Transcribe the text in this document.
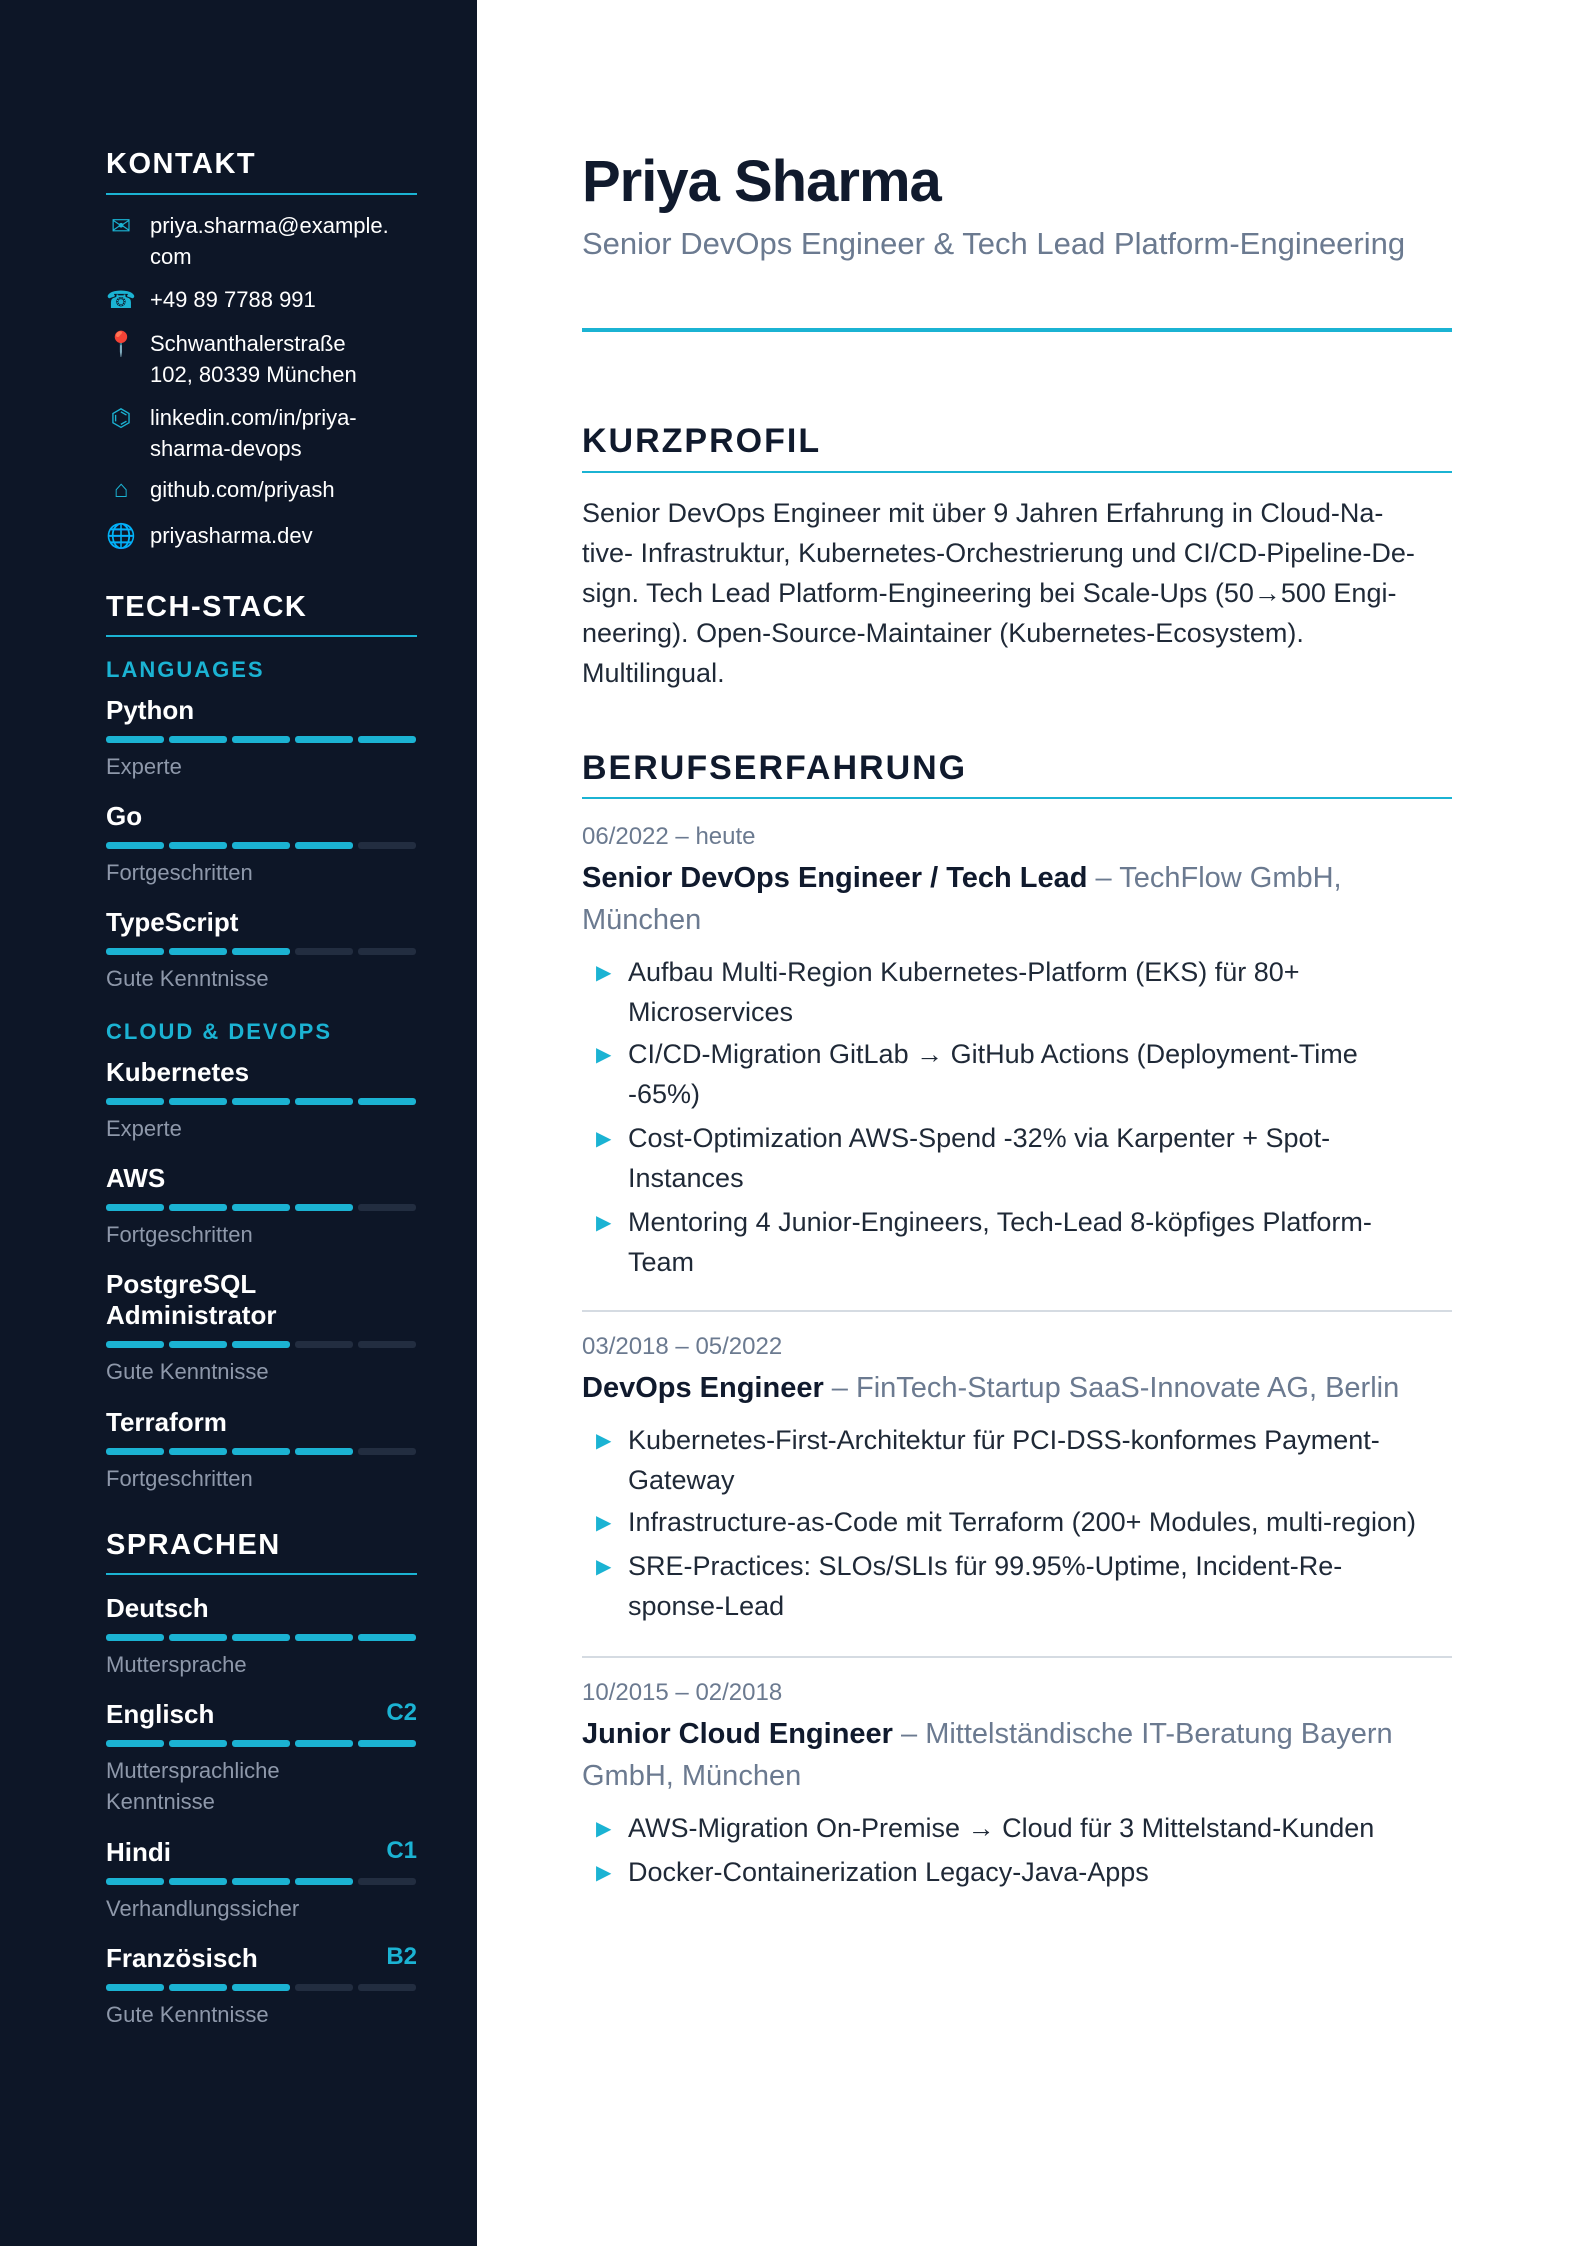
KONTAKT
✉ priya.sharma@example.
com
☎ +49 89 7788 991
📍 Schwanthalerstraße
102, 80339 München
⌬ linkedin.com/in/priya-
sharma-devops
⌂ github.com/priyash
🌐 priyasharma.dev
TECH-STACK
LANGUAGES
Python
Experte
Go
Fortgeschritten
TypeScript
Gute Kenntnisse
CLOUD & DEVOPS
Kubernetes
Experte
AWS
Fortgeschritten
PostgreSQL
Administrator
Gute Kenntnisse
Terraform
Fortgeschritten
SPRACHEN
Deutsch
Muttersprache
Englisch	C2
Muttersprachliche
Kenntnisse
Hindi	C1
Verhandlungssicher
Französisch	B2
Gute Kenntnisse
Priya Sharma
Senior DevOps Engineer & Tech Lead Platform-Engineering
KURZPROFIL
Senior DevOps Engineer mit über 9 Jahren Erfahrung in Cloud-Na-
tive- Infrastruktur, Kubernetes-Orchestrierung und CI/CD-Pipeline-De-
sign. Tech Lead Platform-Engineering bei Scale-Ups (50→500 Engi-
neering). Open-Source-Maintainer (Kubernetes-Ecosystem).
Multilingual.
BERUFSERFAHRUNG
06/2022 – heute
Senior DevOps Engineer / Tech Lead – TechFlow GmbH,
München
▶ Aufbau Multi-Region Kubernetes-Platform (EKS) für 80+
Microservices
▶ CI/CD-Migration GitLab → GitHub Actions (Deployment-Time
-65%)
▶ Cost-Optimization AWS-Spend -32% via Karpenter + Spot-
Instances
▶ Mentoring 4 Junior-Engineers, Tech-Lead 8-köpfiges Platform-
Team
03/2018 – 05/2022
DevOps Engineer – FinTech-Startup SaaS-Innovate AG, Berlin
▶ Kubernetes-First-Architektur für PCI-DSS-konformes Payment-
Gateway
▶ Infrastructure-as-Code mit Terraform (200+ Modules, multi-region)
▶ SRE-Practices: SLOs/SLIs für 99.95%-Uptime, Incident-Re-
sponse-Lead
10/2015 – 02/2018
Junior Cloud Engineer – Mittelständische IT-Beratung Bayern
GmbH, München
▶ AWS-Migration On-Premise → Cloud für 3 Mittelstand-Kunden
▶ Docker-Containerization Legacy-Java-Apps
